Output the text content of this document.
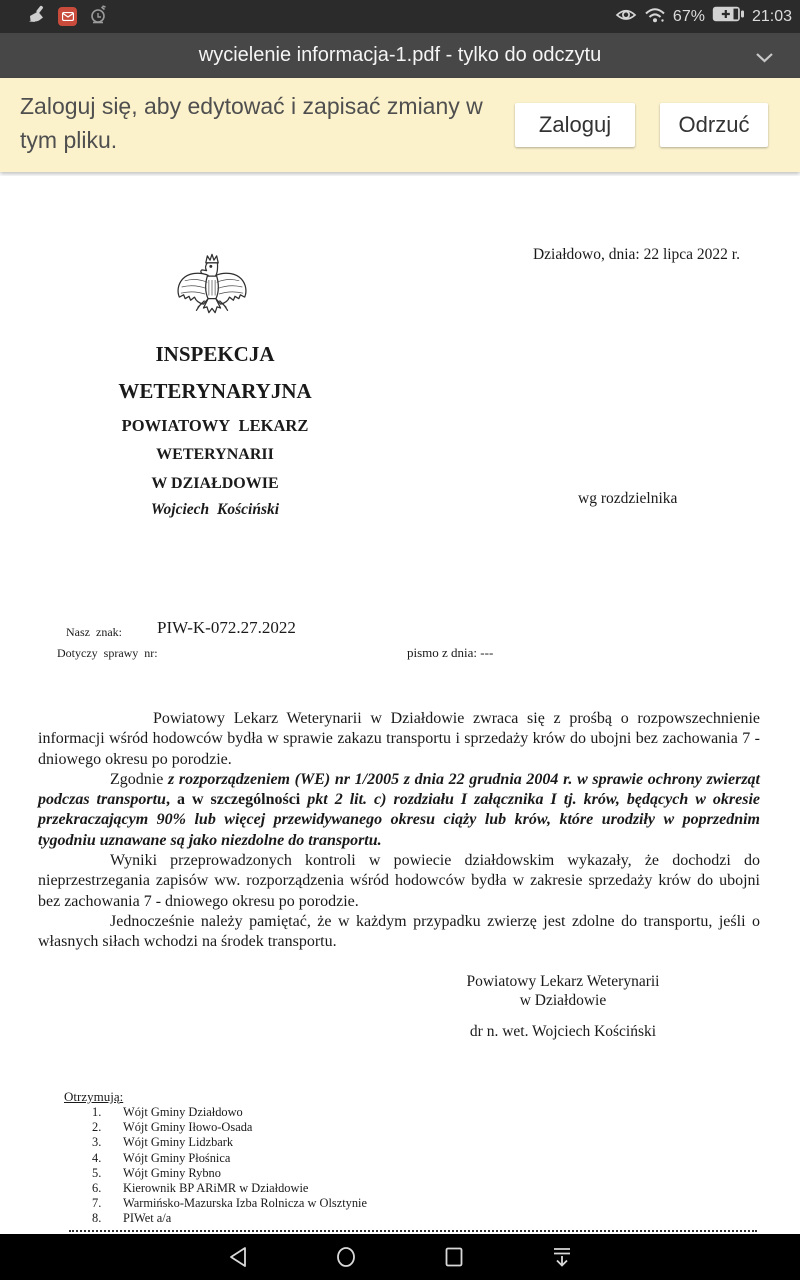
67%	21:03
wycielenie informacja-1.pdf - tylko do odczytu
Zaloguj się, aby edytować i zapisać zmiany w tym pliku.
Zaloguj	Odrzuć
Działdowo, dnia: 22 lipca 2022 r.
INSPEKCJA
WETERYNARYJNA
POWIATOWY LEKARZ
WETERYNARII
W DZIAŁDOWIE
Wojciech Kościński
wg rozdzielnika
Nasz znak: PIW-K-072.27.2022
Dotyczy sprawy nr:	pismo z dnia: ---

Powiatowy Lekarz Weterynarii w Działdowie zwraca się z prośbą o rozpowszechnienie informacji wśród hodowców bydła w sprawie zakazu transportu i sprzedaży krów do ubojni bez zachowania 7 - dniowego okresu po porodzie.

Zgodnie z rozporządzeniem (WE) nr 1/2005 z dnia 22 grudnia 2004 r. w sprawie ochrony zwierząt podczas transportu, a w szczególności pkt 2 lit. c) rozdziału I załącznika I tj. krów, będących w okresie przekraczającym 90% lub więcej przewidywanego okresu ciąży lub krów, które urodziły w poprzednim tygodniu uznawane są jako niezdolne do transportu.

Wyniki przeprowadzonych kontroli w powiecie działdowskim wykazały, że dochodzi do nieprzestrzegania zapisów ww. rozporządzenia wśród hodowców bydła w zakresie sprzedaży krów do ubojni bez zachowania 7 - dniowego okresu po porodzie.

Jednocześnie należy pamiętać, że w każdym przypadku zwierzę jest zdolne do transportu, jeśli o własnych siłach wchodzi na środek transportu.

Powiatowy Lekarz Weterynarii
w Działdowie
dr n. wet. Wojciech Kościński
Otrzymują:
1.	Wójt Gminy Działdowo
2.	Wójt Gminy Iłowo-Osada
3.	Wójt Gminy Lidzbark
4.	Wójt Gminy Płośnica
5.	Wójt Gminy Rybno
6.	Kierownik BP ARiMR w Działdowie
7.	Warmińsko-Mazurska Izba Rolnicza w Olsztynie
8.	PIWet a/a
